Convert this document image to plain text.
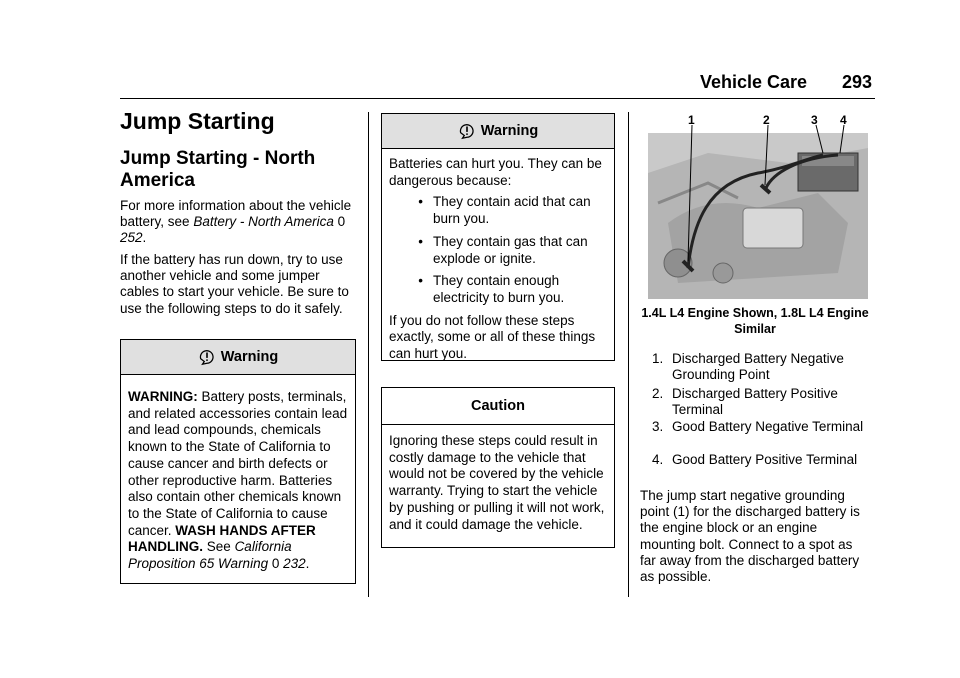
Vehicle Care 293
Jump Starting
Jump Starting - North America
For more information about the vehicle battery, see Battery - North America 0 252.
If the battery has run down, try to use another vehicle and some jumper cables to start your vehicle. Be sure to use the following steps to do it safely.
Warning
WARNING: Battery posts, terminals, and related accessories contain lead and lead compounds, chemicals known to the State of California to cause cancer and birth defects or other reproductive harm. Batteries also contain other chemicals known to the State of California to cause cancer. WASH HANDS AFTER HANDLING. See California Proposition 65 Warning 0 232.
Warning
Batteries can hurt you. They can be dangerous because:
• They contain acid that can burn you.
• They contain gas that can explode or ignite.
• They contain enough electricity to burn you.
If you do not follow these steps exactly, some or all of these things can hurt you.
Caution
Ignoring these steps could result in costly damage to the vehicle that would not be covered by the vehicle warranty. Trying to start the vehicle by pushing or pulling it will not work, and it could damage the vehicle.
1	2	3 4
1.4L L4 Engine Shown, 1.8L L4 Engine Similar
1. Discharged Battery Negative Grounding Point
2. Discharged Battery Positive Terminal
3. Good Battery Negative Terminal
4. Good Battery Positive Terminal
The jump start negative grounding point (1) for the discharged battery is the engine block or an engine mounting bolt. Connect to a spot as far away from the discharged battery as possible.
